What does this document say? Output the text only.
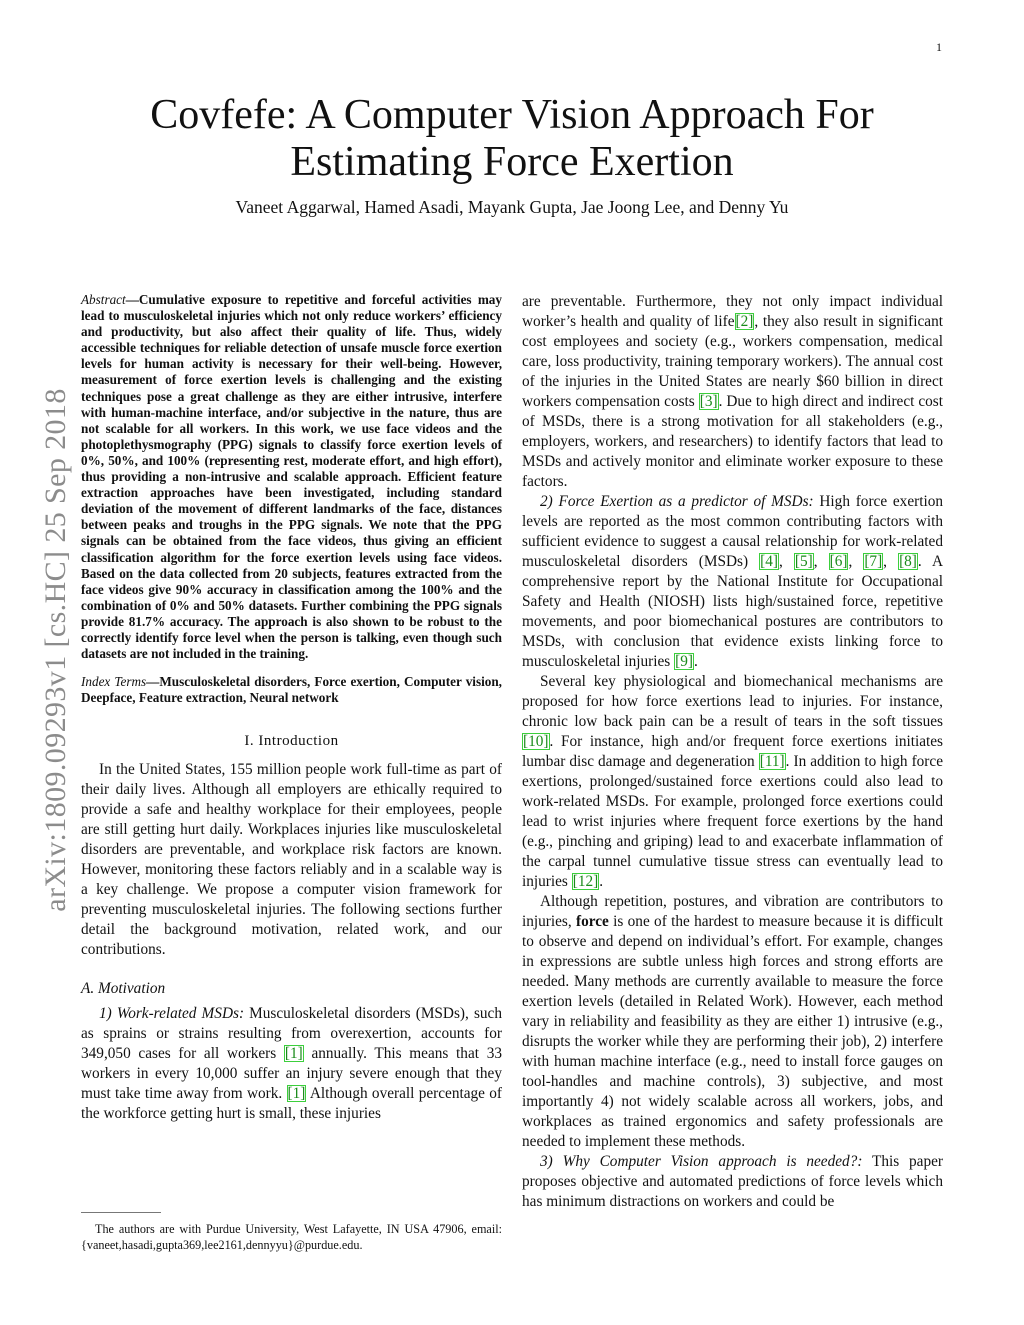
1
arXiv:1809.09293v1 [cs.HC] 25 Sep 2018
Covfefe: A Computer Vision Approach For Estimating Force Exertion
Vaneet Aggarwal, Hamed Asadi, Mayank Gupta, Jae Joong Lee, and Denny Yu

Abstract—Cumulative exposure to repetitive and forceful activities may lead to musculoskeletal injuries which not only reduce workers’ efficiency and productivity, but also affect their quality of life. Thus, widely accessible techniques for reliable detection of unsafe muscle force exertion levels for human activity is necessary for their well-being. However, measurement of force exertion levels is challenging and the existing techniques pose a great challenge as they are either intrusive, interfere with human-machine interface, and/or subjective in the nature, thus are not scalable for all workers. In this work, we use face videos and the photoplethysmography (PPG) signals to classify force exertion levels of 0%, 50%, and 100% (representing rest, moderate effort, and high effort), thus providing a non-intrusive and scalable approach. Efficient feature extraction approaches have been investigated, including standard deviation of the movement of different landmarks of the face, distances between peaks and troughs in the PPG signals. We note that the PPG signals can be obtained from the face videos, thus giving an efficient classification algorithm for the force exertion levels using face videos. Based on the data collected from 20 subjects, features extracted from the face videos give 90% accuracy in classification among the 100% and the combination of 0% and 50% datasets. Further combining the PPG signals provide 81.7% accuracy. The approach is also shown to be robust to the correctly identify force level when the person is talking, even though such datasets are not included in the training.

Index Terms—Musculoskeletal disorders, Force exertion, Computer vision, Deepface, Feature extraction, Neural network

I. Introduction

In the United States, 155 million people work full-time as part of their daily lives. Although all employers are ethically required to provide a safe and healthy workplace for their employees, people are still getting hurt daily. Workplaces injuries like musculoskeletal disorders are preventable, and workplace risk factors are known. However, monitoring these factors reliably and in a scalable way is a key challenge. We propose a computer vision framework for preventing musculoskeletal injuries. The following sections further detail the background motivation, related work, and our contributions.

A. Motivation

1) Work-related MSDs: Musculoskeletal disorders (MSDs), such as sprains or strains resulting from overexertion, accounts for 349,050 cases for all workers [1] annually. This means that 33 workers in every 10,000 suffer an injury severe enough that they must take time away from work. [1] Although overall percentage of the workforce getting hurt is small, these injuries

The authors are with Purdue University, West Lafayette, IN USA 47906, email:{vaneet,hasadi,gupta369,lee2161,dennyyu}@purdue.edu.

are preventable. Furthermore, they not only impact individual worker’s health and quality of life[2], they also result in significant cost employees and society (e.g., workers compensation, medical care, loss productivity, training temporary workers). The annual cost of the injuries in the United States are nearly $60 billion in direct workers compensation costs [3]. Due to high direct and indirect cost of MSDs, there is a strong motivation for all stakeholders (e.g., employers, workers, and researchers) to identify factors that lead to MSDs and actively monitor and eliminate worker exposure to these factors.

2) Force Exertion as a predictor of MSDs: High force exertion levels are reported as the most common contributing factors with sufficient evidence to suggest a causal relationship for work-related musculoskeletal disorders (MSDs) [4], [5], [6], [7], [8]. A comprehensive report by the National Institute for Occupational Safety and Health (NIOSH) lists high/sustained force, repetitive movements, and poor biomechanical postures are contributors to MSDs, with conclusion that evidence exists linking force to musculoskeletal injuries [9].

Several key physiological and biomechanical mechanisms are proposed for how force exertions lead to injuries. For instance, chronic low back pain can be a result of tears in the soft tissues [10]. For instance, high and/or frequent force exertions initiates lumbar disc damage and degeneration [11]. In addition to high force exertions, prolonged/sustained force exertions could also lead to work-related MSDs. For example, prolonged force exertions could lead to wrist injuries where frequent force exertions by the hand (e.g., pinching and griping) lead to and exacerbate inflammation of the carpal tunnel cumulative tissue stress can eventually lead to injuries [12].

Although repetition, postures, and vibration are contributors to injuries, force is one of the hardest to measure because it is difficult to observe and depend on individual’s effort. For example, changes in expressions are subtle unless high forces and strong efforts are needed. Many methods are currently available to measure the force exertion levels (detailed in Related Work). However, each method vary in reliability and feasibility as they are either 1) intrusive (e.g., disrupts the worker while they are performing their job), 2) interfere with human machine interface (e.g., need to install force gauges on tool-handles and machine controls), 3) subjective, and most importantly 4) not widely scalable across all workers, jobs, and workplaces as trained ergonomics and safety professionals are needed to implement these methods.

3) Why Computer Vision approach is needed?: This paper proposes objective and automated predictions of force levels which has minimum distractions on workers and could be
